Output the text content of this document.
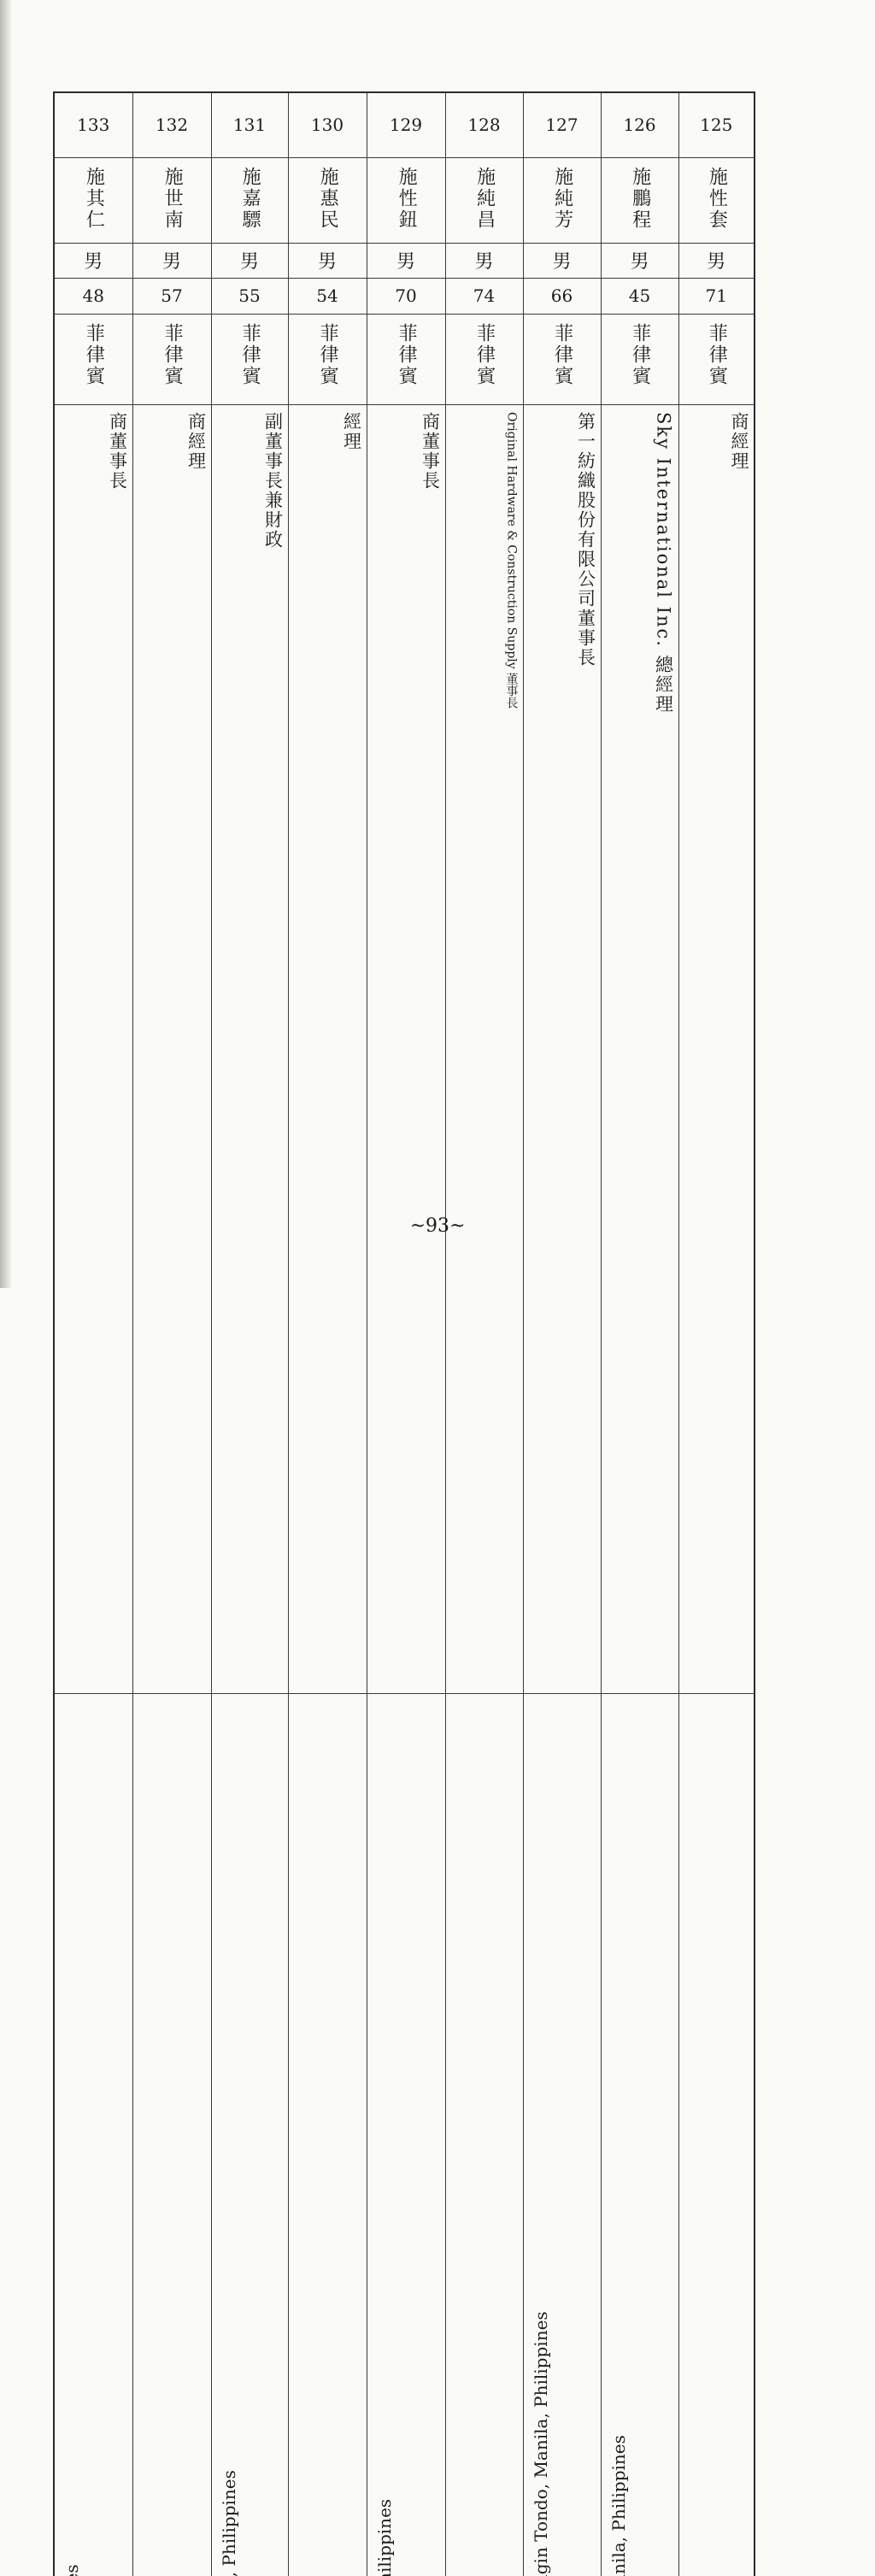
133	132	131	130	129	128	127	126	125

施其仁	施世南	施嘉驃	施惠民	施性鈕	施純昌	施純芳	施鵬程	施性套

男	男	男	男	男	男	男	男	男
48	57	55	54	70	74	66	45	71

菲律賓	菲律賓	菲律賓	菲律賓	菲律賓	菲律賓	菲律賓	菲律賓	菲律賓

商董事長	商經理	副董事長兼財政	經理	商董事長	Original Hardware & Construction Supply 董事長	第一紡織股份有限公司董事長	Sky International Inc. 總經理	商經理

~93~
